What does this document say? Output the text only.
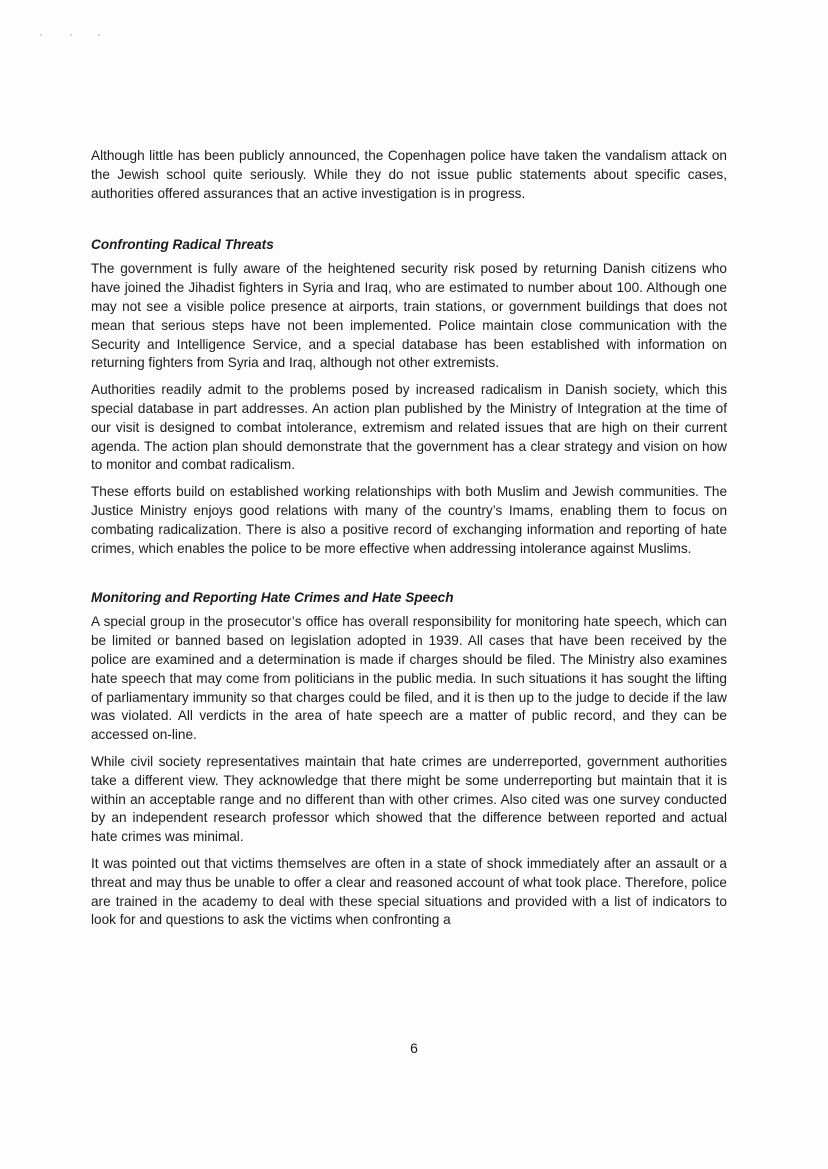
Although little has been publicly announced, the Copenhagen police have taken the vandalism attack on the Jewish school quite seriously. While they do not issue public statements about specific cases, authorities offered assurances that an active investigation is in progress.

Confronting Radical Threats

The government is fully aware of the heightened security risk posed by returning Danish citizens who have joined the Jihadist fighters in Syria and Iraq, who are estimated to number about 100. Although one may not see a visible police presence at airports, train stations, or government buildings that does not mean that serious steps have not been implemented. Police maintain close communication with the Security and Intelligence Service, and a special database has been established with information on returning fighters from Syria and Iraq, although not other extremists.

Authorities readily admit to the problems posed by increased radicalism in Danish society, which this special database in part addresses. An action plan published by the Ministry of Integration at the time of our visit is designed to combat intolerance, extremism and related issues that are high on their current agenda. The action plan should demonstrate that the government has a clear strategy and vision on how to monitor and combat radicalism.

These efforts build on established working relationships with both Muslim and Jewish communities. The Justice Ministry enjoys good relations with many of the country’s Imams, enabling them to focus on combating radicalization. There is also a positive record of exchanging information and reporting of hate crimes, which enables the police to be more effective when addressing intolerance against Muslims.

Monitoring and Reporting Hate Crimes and Hate Speech

A special group in the prosecutor’s office has overall responsibility for monitoring hate speech, which can be limited or banned based on legislation adopted in 1939. All cases that have been received by the police are examined and a determination is made if charges should be filed. The Ministry also examines hate speech that may come from politicians in the public media. In such situations it has sought the lifting of parliamentary immunity so that charges could be filed, and it is then up to the judge to decide if the law was violated. All verdicts in the area of hate speech are a matter of public record, and they can be accessed on-line.

While civil society representatives maintain that hate crimes are underreported, government authorities take a different view. They acknowledge that there might be some underreporting but maintain that it is within an acceptable range and no different than with other crimes. Also cited was one survey conducted by an independent research professor which showed that the difference between reported and actual hate crimes was minimal.

It was pointed out that victims themselves are often in a state of shock immediately after an assault or a threat and may thus be unable to offer a clear and reasoned account of what took place. Therefore, police are trained in the academy to deal with these special situations and provided with a list of indicators to look for and questions to ask the victims when confronting a

6
